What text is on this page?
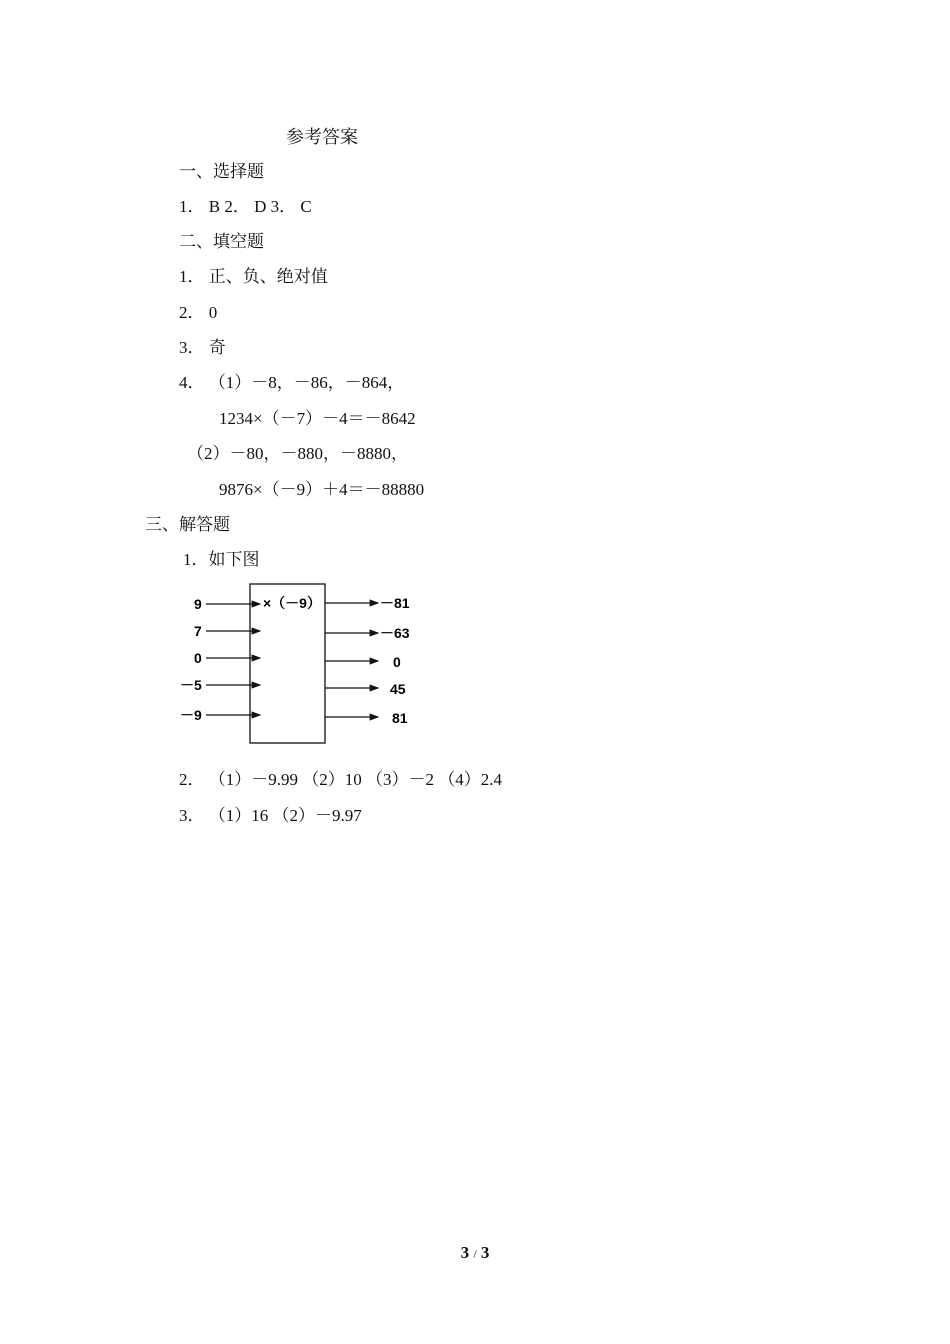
参考答案
一、选择题
1． B 2． D 3． C
二、填空题
1． 正、负、绝对值
2． 0
3． 奇
4． （1）－8，－86，－864，
1234×（－7）－4＝－8642
（2）－80，－880，－8880，
9876×（－9）＋4＝－88880
三、解答题
1．如下图
×（－9）
9
7
0
－5
－9
－81
－63
0
45
81
2． （1）－9.99 （2）10 （3）－2 （4）2.4
3． （1）16 （2）－9.97
3 / 3
